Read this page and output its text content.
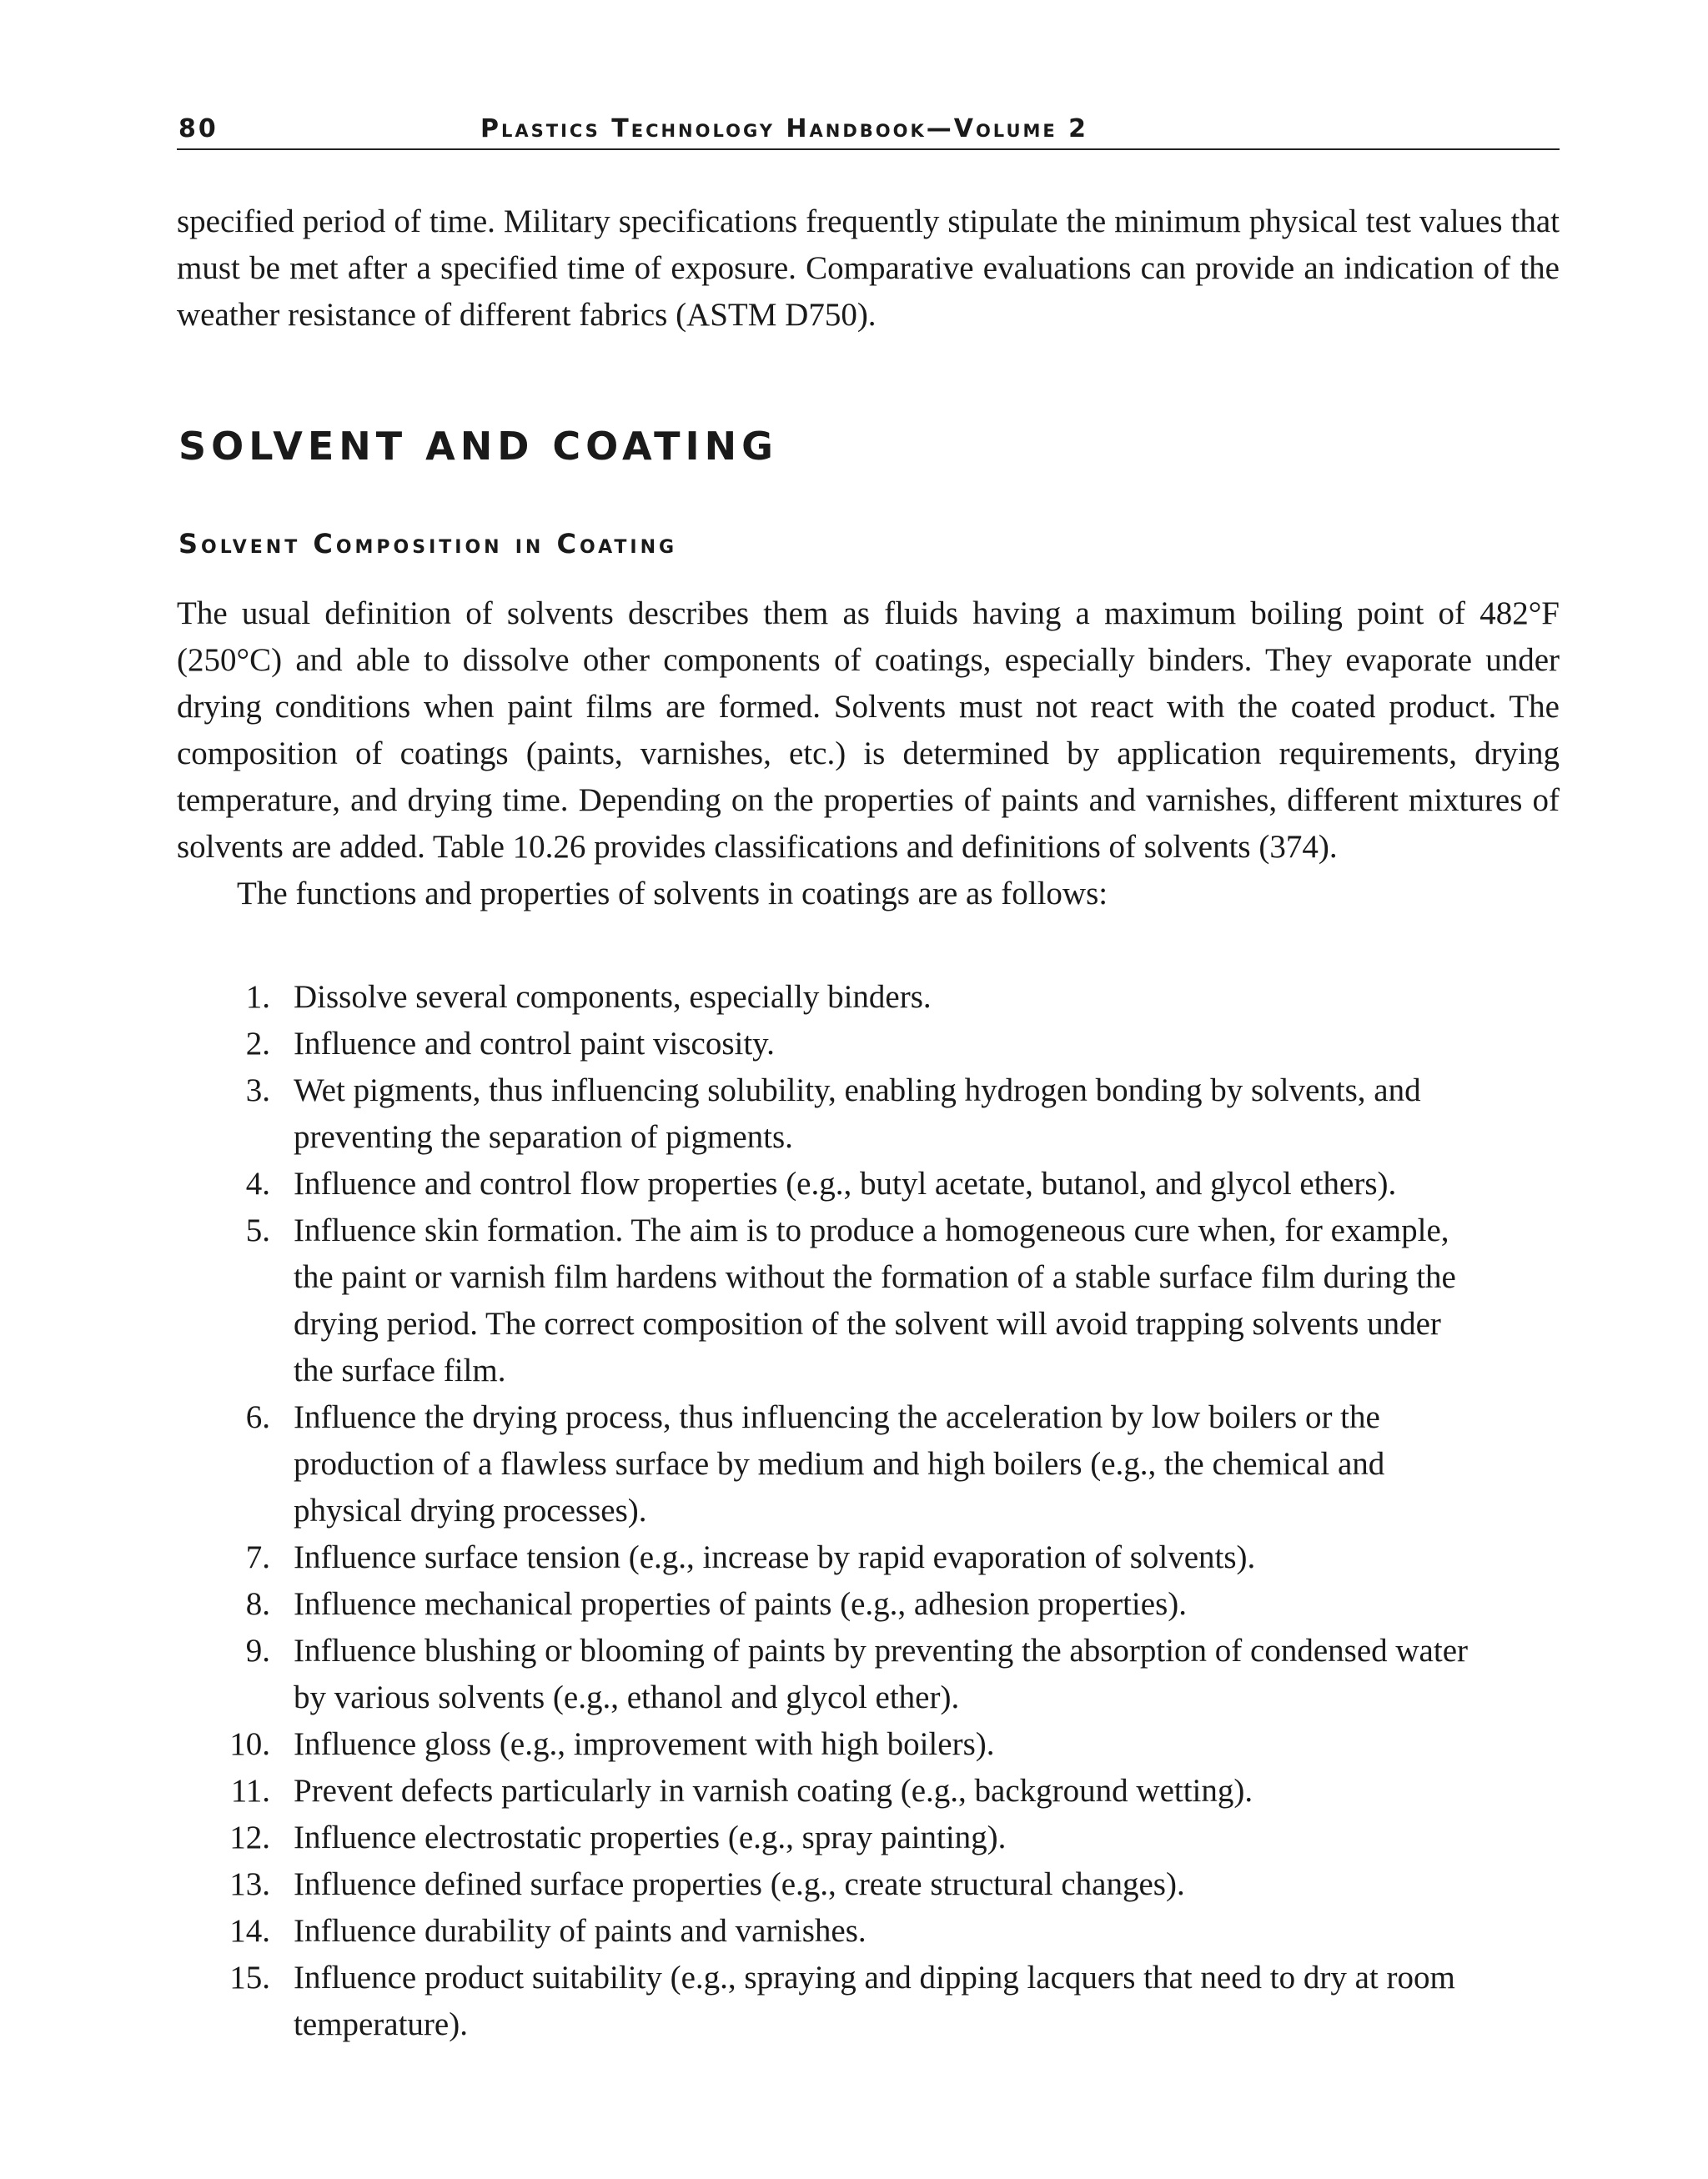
80	Plastics Technology Handbook—Volume 2

specified period of time. Military specifications frequently stipulate the minimum physical test values that must be met after a specified time of exposure. Comparative evaluations can provide an indication of the weather resistance of different fabrics (ASTM D750).

SOLVENT AND COATING
Solvent Composition in Coating

The usual definition of solvents describes them as fluids having a maximum boiling point of 482°F (250°C) and able to dissolve other components of coatings, especially binders. They evaporate under drying conditions when paint films are formed. Solvents must not react with the coated product. The composition of coatings (paints, varnishes, etc.) is determined by application requirements, drying temperature, and drying time. Depending on the properties of paints and varnishes, different mixtures of solvents are added. Table 10.26 provides classifications and definitions of solvents (374).

The functions and properties of solvents in coatings are as follows:

1. Dissolve several components, especially binders.
2. Influence and control paint viscosity.
3. Wet pigments, thus influencing solubility, enabling hydrogen bonding by solvents, and preventing the separation of pigments.
4. Influence and control flow properties (e.g., butyl acetate, butanol, and glycol ethers).
5. Influence skin formation. The aim is to produce a homogeneous cure when, for example, the paint or varnish film hardens without the formation of a stable surface film during the drying period. The correct composition of the solvent will avoid trapping solvents under the surface film.
6. Influence the drying process, thus influencing the acceleration by low boilers or the production of a flawless surface by medium and high boilers (e.g., the chemical and physical drying processes).
7. Influence surface tension (e.g., increase by rapid evaporation of solvents).
8. Influence mechanical properties of paints (e.g., adhesion properties).
9. Influence blushing or blooming of paints by preventing the absorption of condensed water by various solvents (e.g., ethanol and glycol ether).
10. Influence gloss (e.g., improvement with high boilers).
11. Prevent defects particularly in varnish coating (e.g., background wetting).
12. Influence electrostatic properties (e.g., spray painting).
13. Influence defined surface properties (e.g., create structural changes).
14. Influence durability of paints and varnishes.
15. Influence product suitability (e.g., spraying and dipping lacquers that need to dry at room temperature).
